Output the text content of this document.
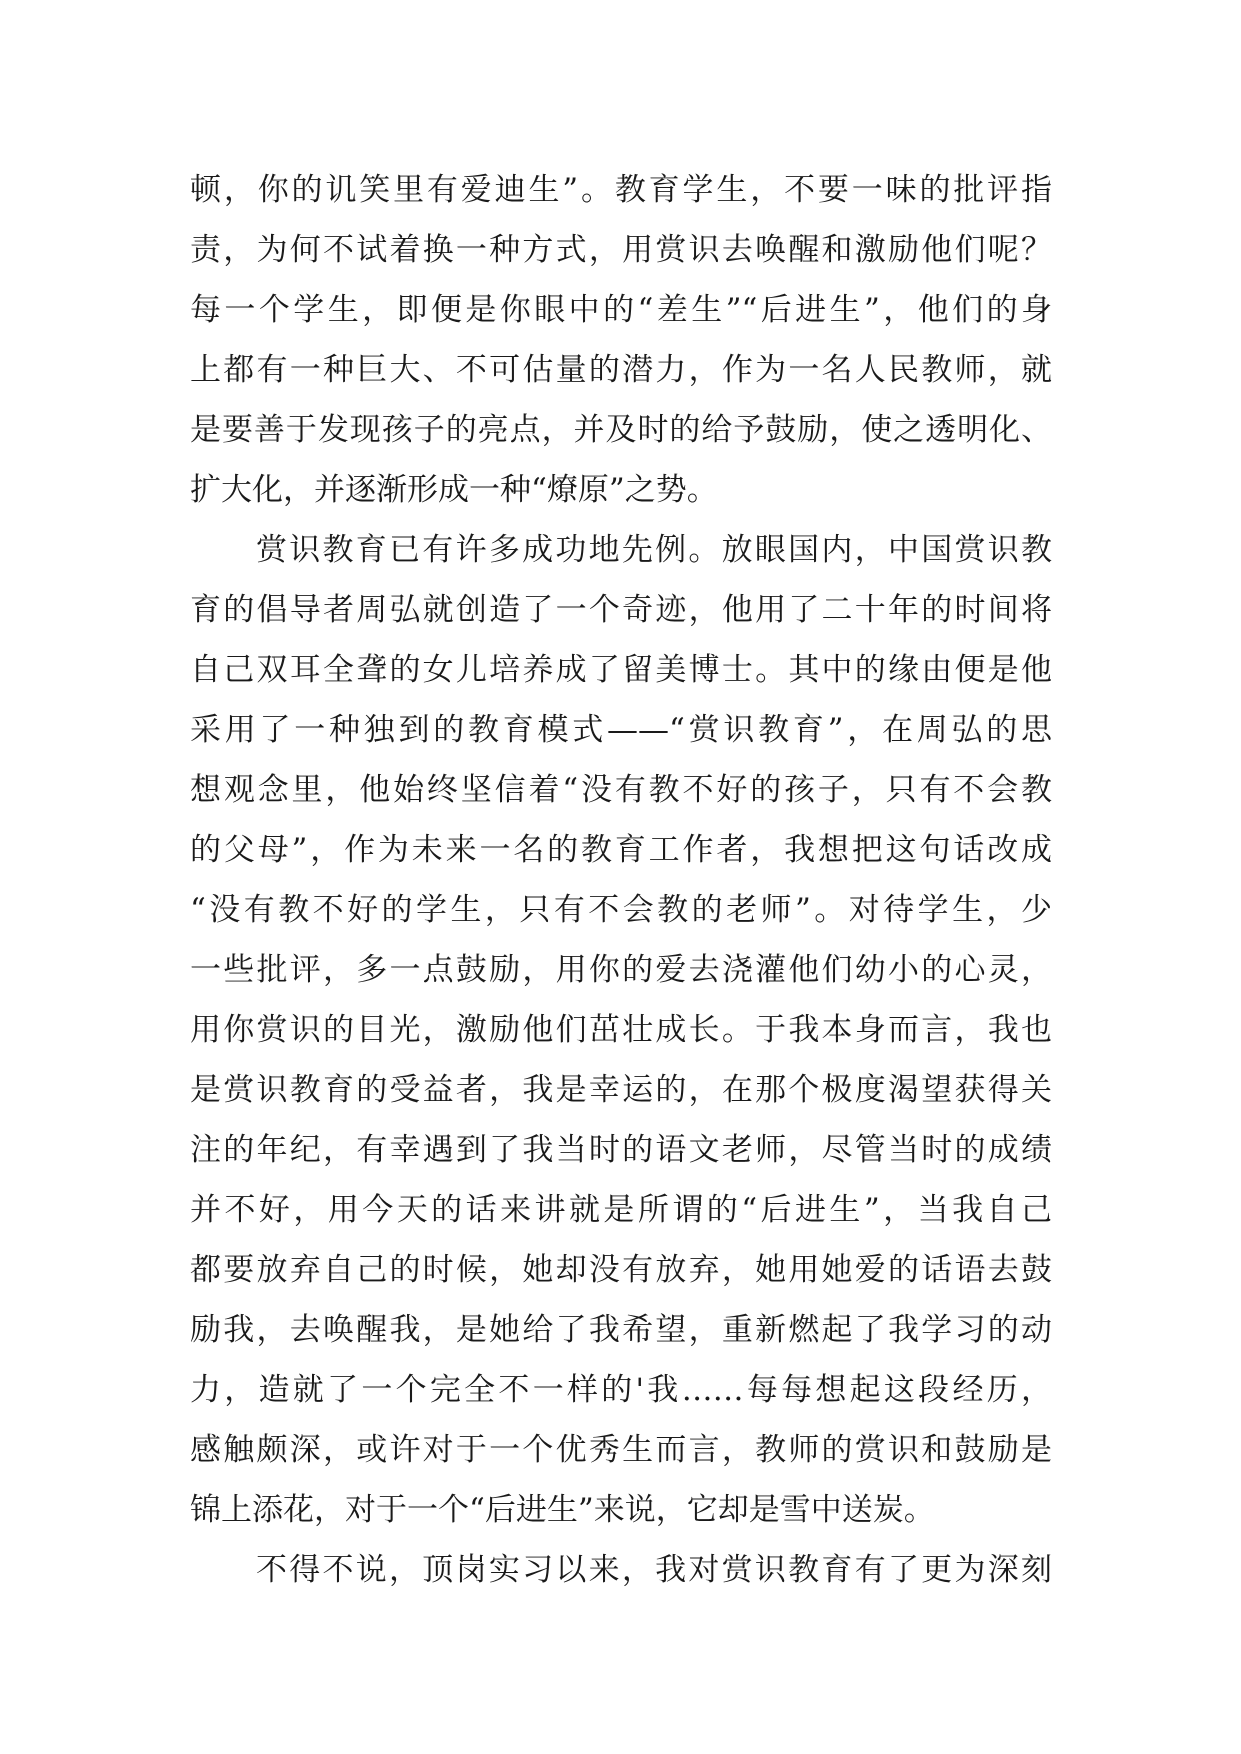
顿，你的讥笑里有爱迪生”。教育学生，不要一味的批评指
责，为何不试着换一种方式，用赏识去唤醒和激励他们呢？
每一个学生，即便是你眼中的“差生”“后进生”，他们的身
上都有一种巨大、不可估量的潜力，作为一名人民教师，就
是要善于发现孩子的亮点，并及时的给予鼓励，使之透明化、
扩大化，并逐渐形成一种“燎原”之势。
赏识教育已有许多成功地先例。放眼国内，中国赏识教
育的倡导者周弘就创造了一个奇迹，他用了二十年的时间将
自己双耳全聋的女儿培养成了留美博士。其中的缘由便是他
采用了一种独到的教育模式——“赏识教育”，在周弘的思
想观念里，他始终坚信着“没有教不好的孩子，只有不会教
的父母”，作为未来一名的教育工作者，我想把这句话改成
“没有教不好的学生，只有不会教的老师”。对待学生，少
一些批评，多一点鼓励，用你的爱去浇灌他们幼小的心灵，
用你赏识的目光，激励他们茁壮成长。于我本身而言，我也
是赏识教育的受益者，我是幸运的，在那个极度渴望获得关
注的年纪，有幸遇到了我当时的语文老师，尽管当时的成绩
并不好，用今天的话来讲就是所谓的“后进生”，当我自己
都要放弃自己的时候，她却没有放弃，她用她爱的话语去鼓
励我，去唤醒我，是她给了我希望，重新燃起了我学习的动
力，造就了一个完全不一样的'我……每每想起这段经历，
感触颇深，或许对于一个优秀生而言，教师的赏识和鼓励是
锦上添花，对于一个“后进生”来说，它却是雪中送炭。
不得不说，顶岗实习以来，我对赏识教育有了更为深刻
